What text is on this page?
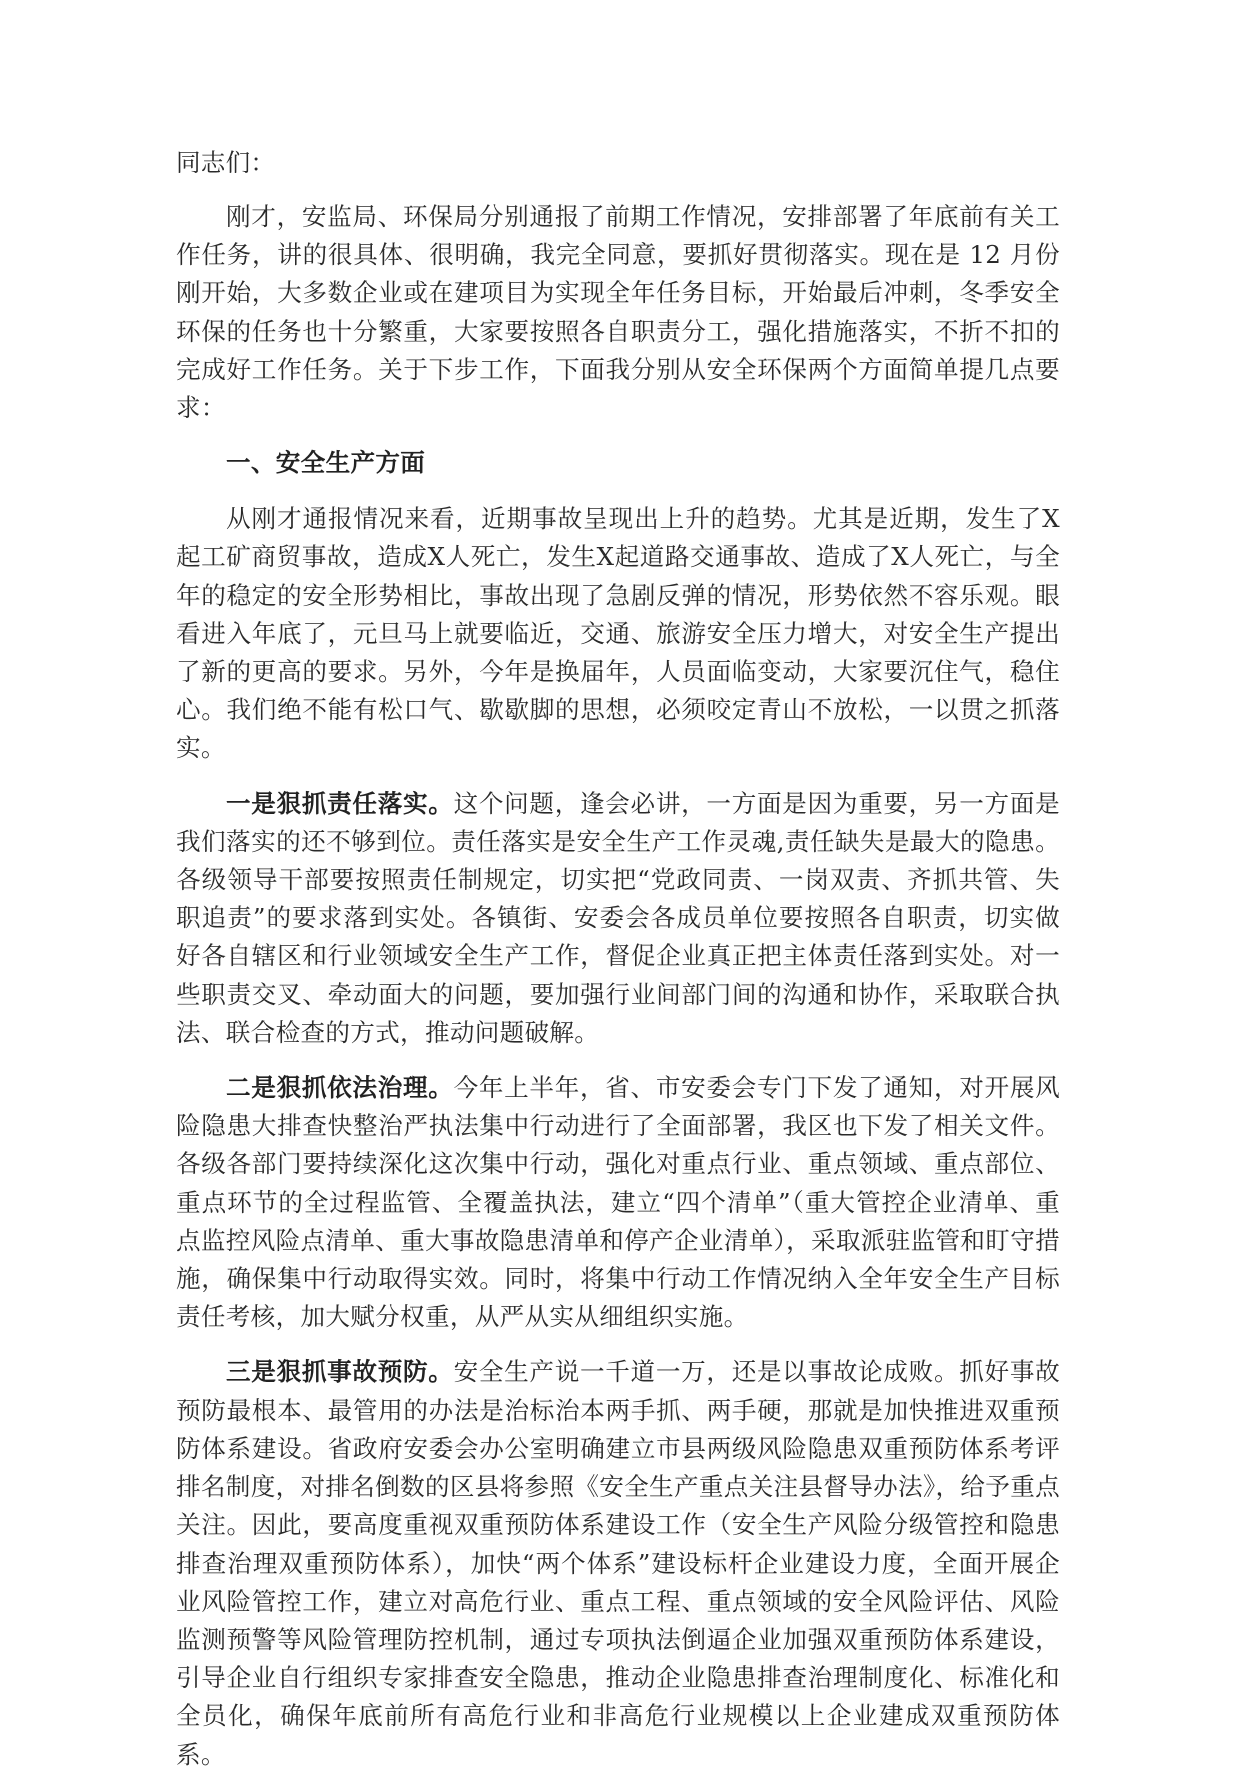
同志们：

刚才，安监局、环保局分别通报了前期工作情况，安排部署了年底前有关工作任务，讲的很具体、很明确，我完全同意，要抓好贯彻落实。现在是 12 月份刚开始，大多数企业或在建项目为实现全年任务目标，开始最后冲刺，冬季安全环保的任务也十分繁重，大家要按照各自职责分工，强化措施落实，不折不扣的完成好工作任务。关于下步工作，下面我分别从安全环保两个方面简单提几点要求：

一、安全生产方面

从刚才通报情况来看，近期事故呈现出上升的趋势。尤其是近期，发生了X起工矿商贸事故，造成X人死亡，发生X起道路交通事故、造成了X人死亡，与全年的稳定的安全形势相比，事故出现了急剧反弹的情况，形势依然不容乐观。眼看进入年底了，元旦马上就要临近，交通、旅游安全压力增大，对安全生产提出了新的更高的要求。另外，今年是换届年，人员面临变动，大家要沉住气，稳住心。我们绝不能有松口气、歇歇脚的思想，必须咬定青山不放松，一以贯之抓落实。

一是狠抓责任落实。这个问题，逢会必讲，一方面是因为重要，另一方面是我们落实的还不够到位。责任落实是安全生产工作灵魂,责任缺失是最大的隐患。各级领导干部要按照责任制规定，切实把“党政同责、一岗双责、齐抓共管、失职追责”的要求落到实处。各镇街、安委会各成员单位要按照各自职责，切实做好各自辖区和行业领域安全生产工作，督促企业真正把主体责任落到实处。对一些职责交叉、牵动面大的问题，要加强行业间部门间的沟通和协作，采取联合执法、联合检查的方式，推动问题破解。

二是狠抓依法治理。今年上半年，省、市安委会专门下发了通知，对开展风险隐患大排查快整治严执法集中行动进行了全面部署，我区也下发了相关文件。各级各部门要持续深化这次集中行动，强化对重点行业、重点领域、重点部位、重点环节的全过程监管、全覆盖执法，建立“四个清单”（重大管控企业清单、重点监控风险点清单、重大事故隐患清单和停产企业清单），采取派驻监管和盯守措施，确保集中行动取得实效。同时，将集中行动工作情况纳入全年安全生产目标责任考核，加大赋分权重，从严从实从细组织实施。

三是狠抓事故预防。安全生产说一千道一万，还是以事故论成败。抓好事故预防最根本、最管用的办法是治标治本两手抓、两手硬，那就是加快推进双重预防体系建设。省政府安委会办公室明确建立市县两级风险隐患双重预防体系考评排名制度，对排名倒数的区县将参照《安全生产重点关注县督导办法》，给予重点关注。因此，要高度重视双重预防体系建设工作（安全生产风险分级管控和隐患排查治理双重预防体系），加快“两个体系”建设标杆企业建设力度，全面开展企业风险管控工作，建立对高危行业、重点工程、重点领域的安全风险评估、风险监测预警等风险管理防控机制，通过专项执法倒逼企业加强双重预防体系建设，引导企业自行组织专家排查安全隐患，推动企业隐患排查治理制度化、标准化和全员化，确保年底前所有高危行业和非高危行业规模以上企业建成双重预防体系。
